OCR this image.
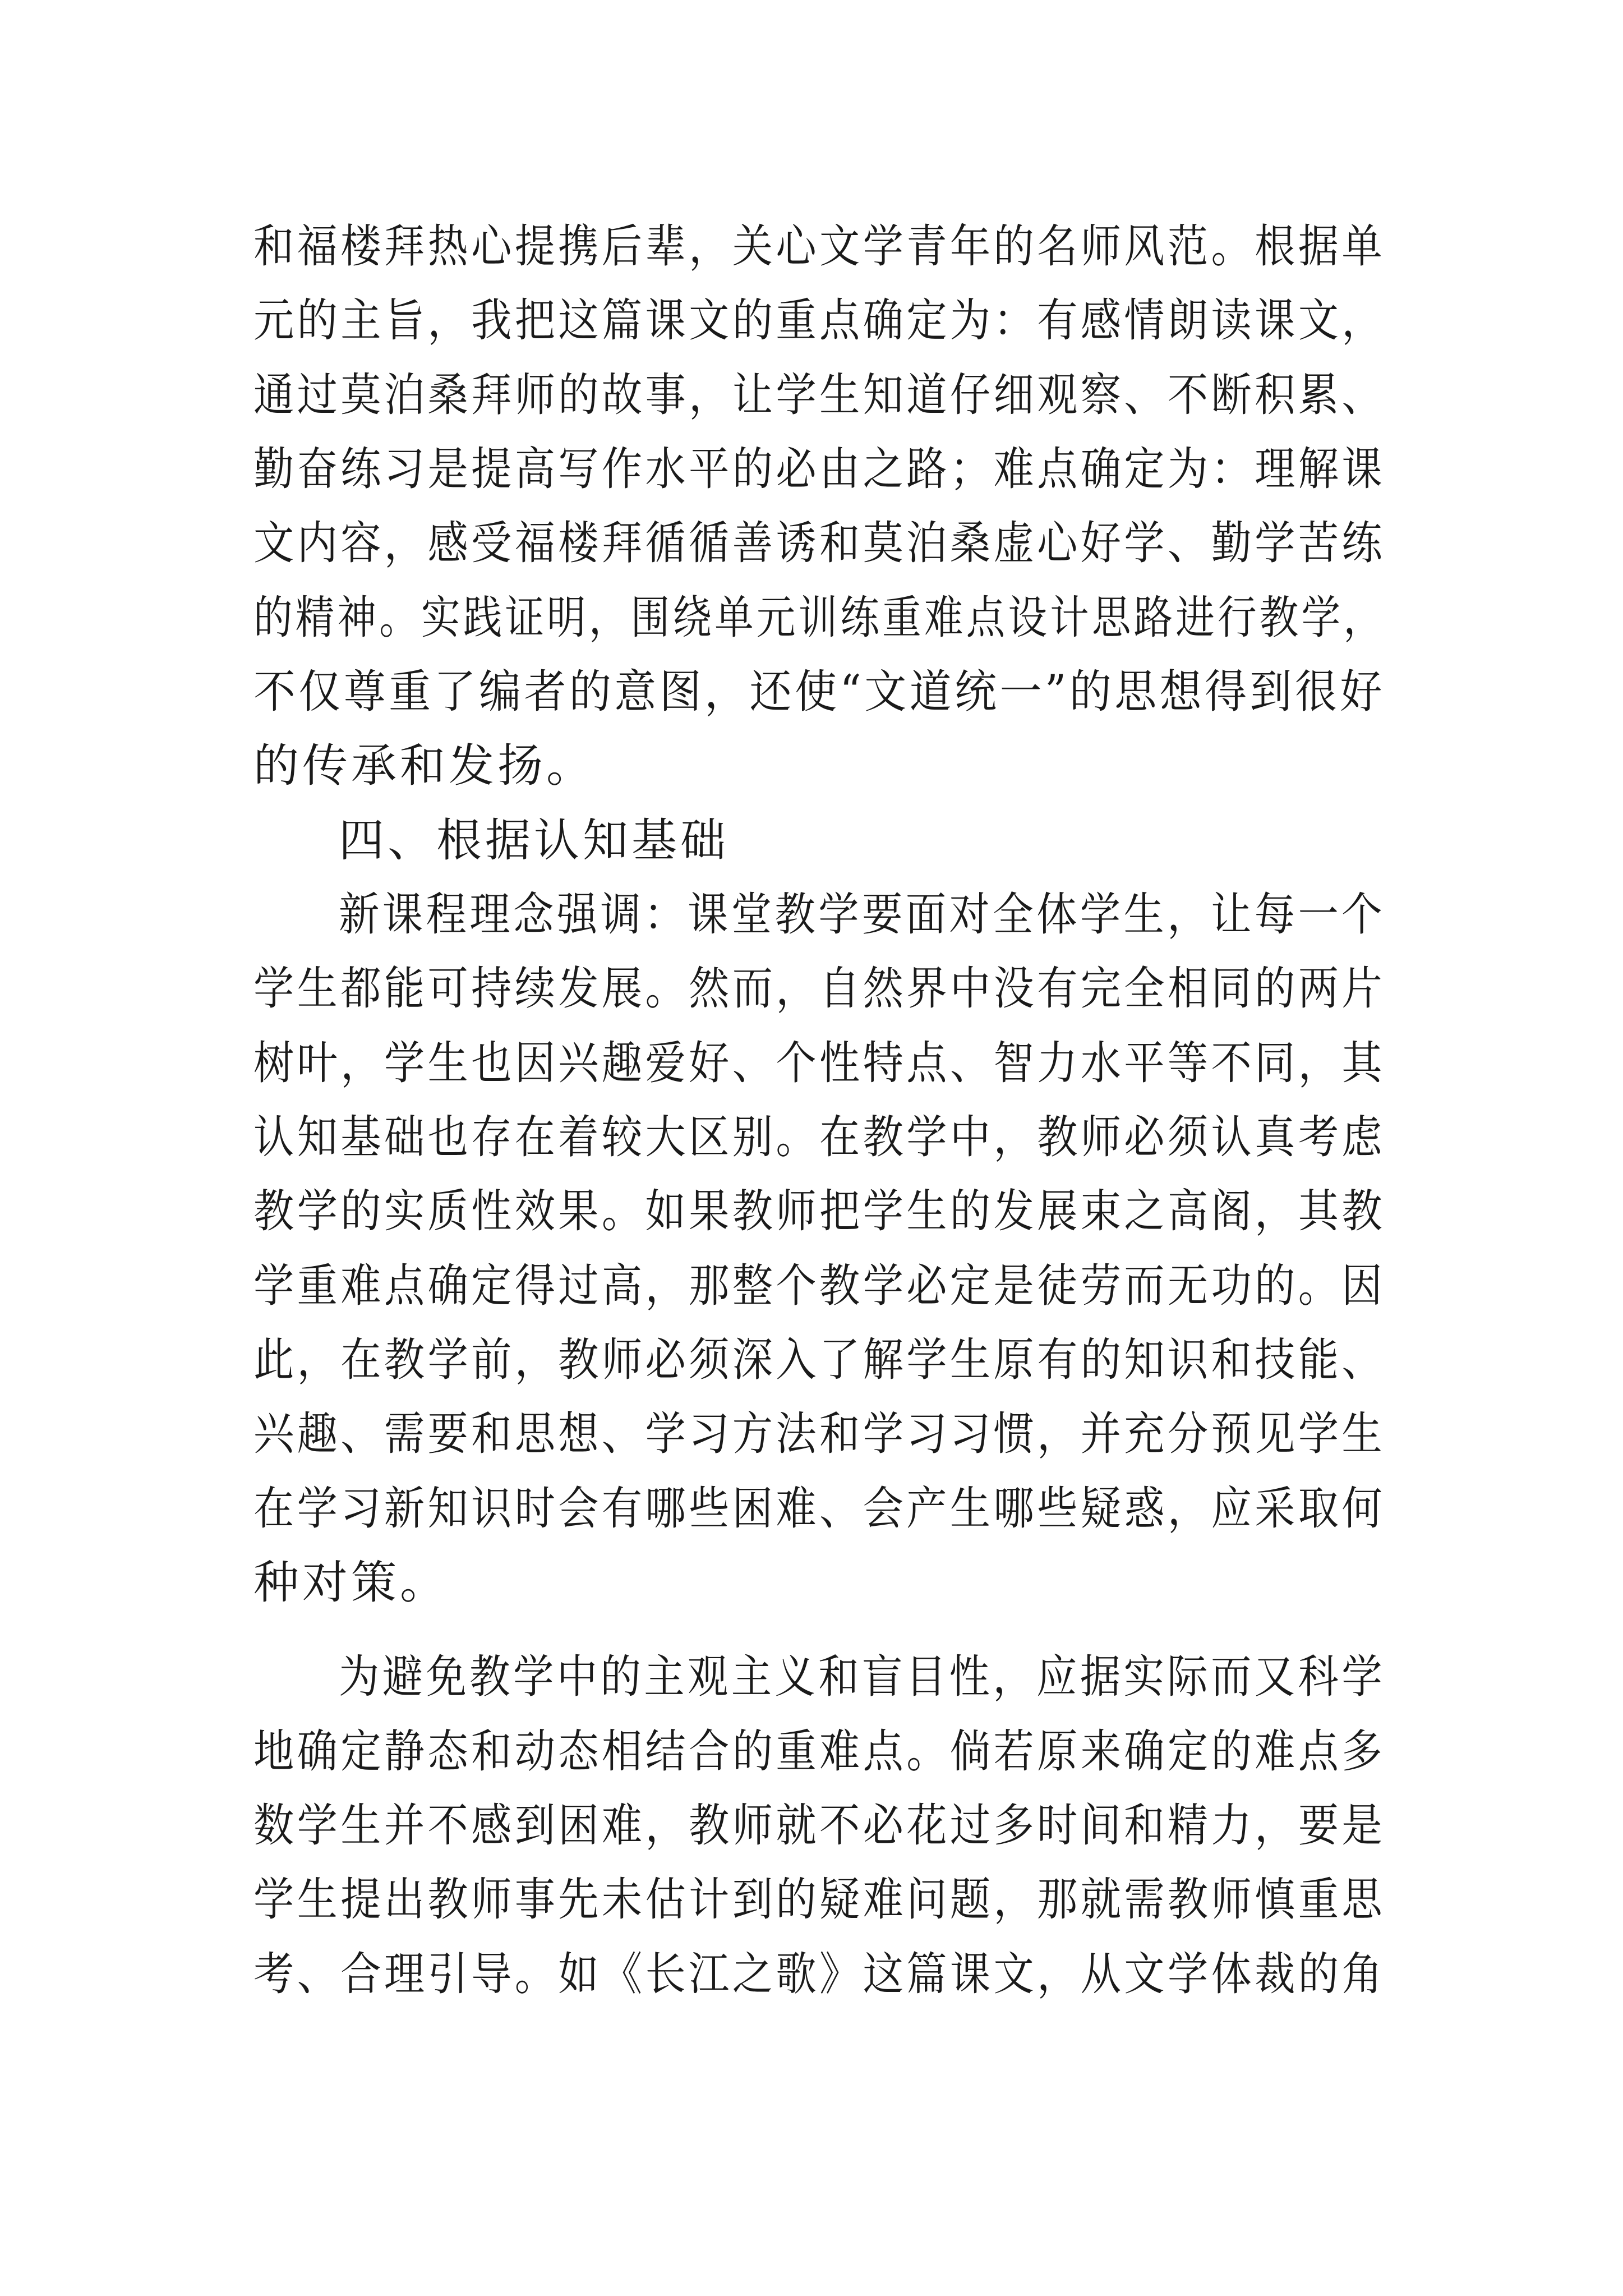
和福楼拜热心提携后辈，关心文学青年的名师风范。根据单
元的主旨，我把这篇课文的重点确定为：有感情朗读课文，
通过莫泊桑拜师的故事，让学生知道仔细观察、不断积累、
勤奋练习是提高写作水平的必由之路；难点确定为：理解课
文内容，感受福楼拜循循善诱和莫泊桑虚心好学、勤学苦练
的精神。实践证明，围绕单元训练重难点设计思路进行教学，
不仅尊重了编者的意图，还使“文道统一”的思想得到很好
的传承和发扬。
四、根据认知基础
新课程理念强调：课堂教学要面对全体学生，让每一个
学生都能可持续发展。然而，自然界中没有完全相同的两片
树叶，学生也因兴趣爱好、个性特点、智力水平等不同，其
认知基础也存在着较大区别。在教学中，教师必须认真考虑
教学的实质性效果。如果教师把学生的发展束之高阁，其教
学重难点确定得过高，那整个教学必定是徒劳而无功的。因
此，在教学前，教师必须深入了解学生原有的知识和技能、
兴趣、需要和思想、学习方法和学习习惯，并充分预见学生
在学习新知识时会有哪些困难、会产生哪些疑惑，应采取何
种对策。
为避免教学中的主观主义和盲目性，应据实际而又科学
地确定静态和动态相结合的重难点。倘若原来确定的难点多
数学生并不感到困难，教师就不必花过多时间和精力，要是
学生提出教师事先未估计到的疑难问题，那就需教师慎重思
考、合理引导。如《长江之歌》这篇课文，从文学体裁的角
